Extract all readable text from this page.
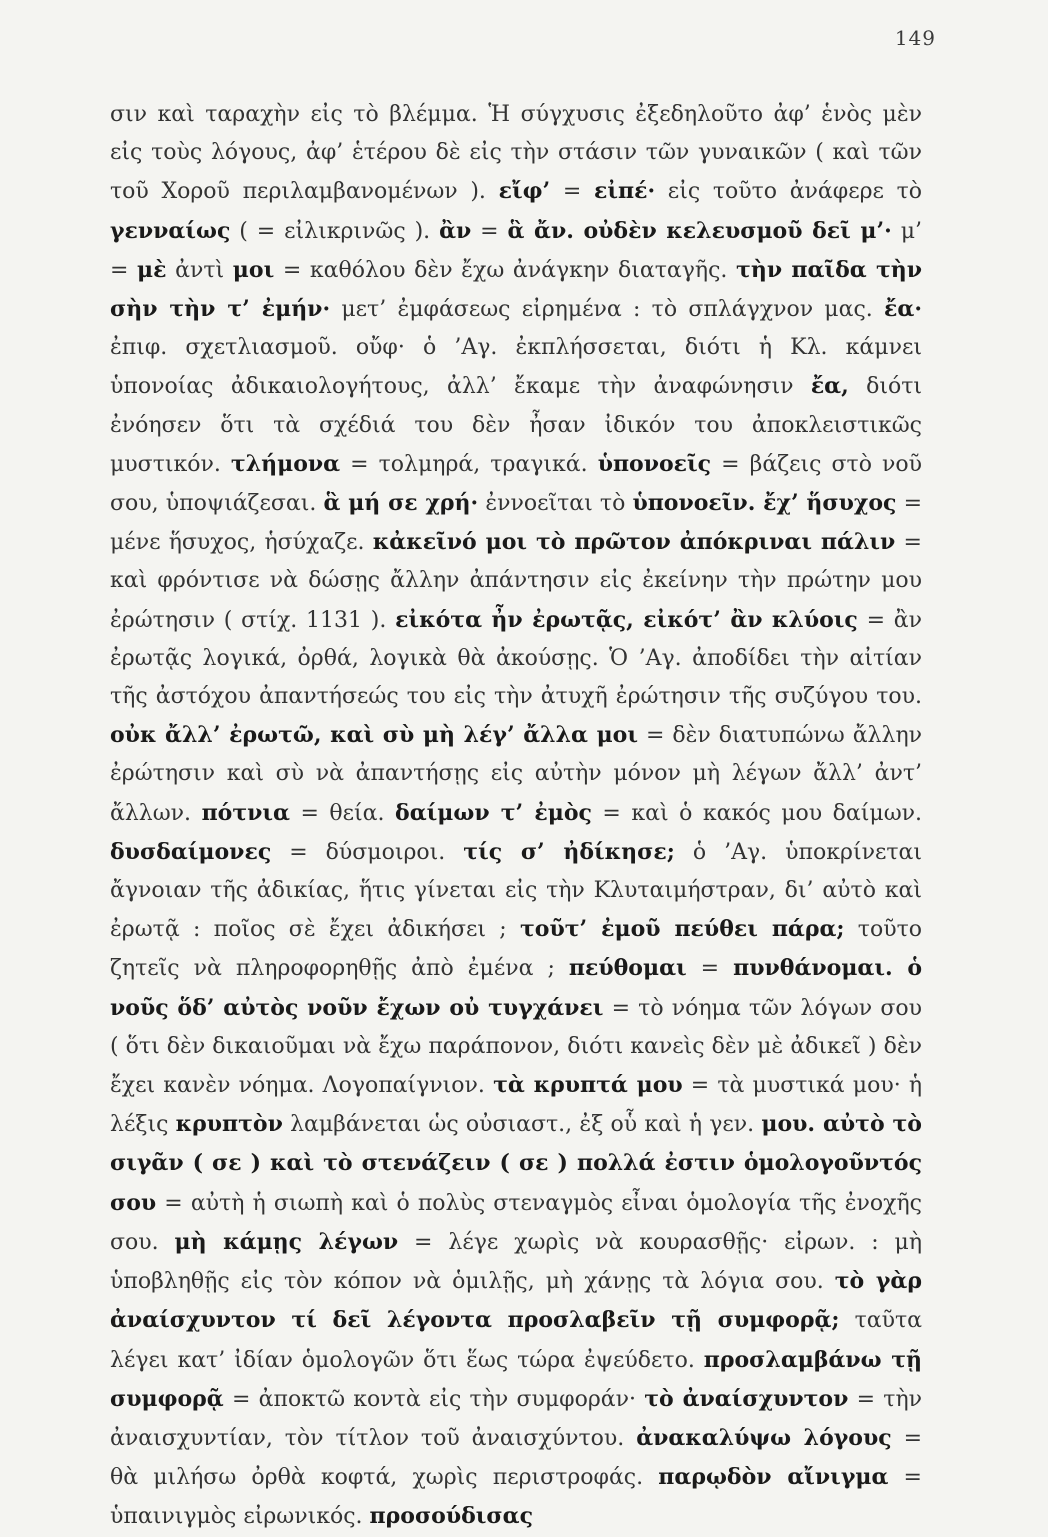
149

σιν καὶ ταραχὴν εἰς τὸ βλέμμα. Ἡ σύγχυσις ἐξεδηλοῦτο ἀφ’ ἑνὸς μὲν εἰς τοὺς λόγους, ἀφ’ ἑτέρου δὲ εἰς τὴν στάσιν τῶν γυναικῶν ( καὶ τῶν τοῦ Χοροῦ περιλαμβανομένων ). εἴφ’ = εἰπέ· εἰς τοῦτο ἀνάφερε τὸ γενναίως ( = εἰλικρινῶς ). ἂν = ἃ ἄν. οὐδὲν κελευσμοῦ δεῖ μ’· μ’ = μὲ ἀντὶ μοι = καθόλου δὲν ἔχω ἀνάγκην διαταγῆς. τὴν παῖδα τὴν σὴν τὴν τ’ ἐμήν· μετ’ ἐμφάσεως εἰρημένα : τὸ σπλάγχνον μας. ἔα· ἐπιφ. σχετλιασμοῦ. οὔφ· ὁ ’Αγ. ἐκπλήσσεται, διότι ἡ Κλ. κάμνει ὑπονοίας ἀδικαιολογήτους, ἀλλ’ ἔκαμε τὴν ἀναφώνησιν ἔα, διότι ἐνόησεν ὅτι τὰ σχέδιά του δὲν ἦσαν ἰδικόν του ἀποκλειστικῶς μυστικόν. τλήμονα = τολμηρά, τραγικά. ὑπονοεῖς = βάζεις στὸ νοῦ σου, ὑποψιάζεσαι. ἃ μή σε χρή· ἐννοεῖται τὸ ὑπονοεῖν. ἔχ’ ἥσυχος = μένε ἥσυχος, ἡσύχαζε. κἀκεῖνό μοι τὸ πρῶτον ἀπόκριναι πάλιν = καὶ φρόντισε νὰ δώσῃς ἄλλην ἀπάντησιν εἰς ἐκείνην τὴν πρώτην μου ἐρώτησιν ( στίχ. 1131 ). εἰκότα ἦν ἐρωτᾷς, εἰκότ’ ἂν κλύοις = ἂν ἐρωτᾷς λογικά, ὀρθά, λογικὰ θὰ ἀκούσῃς. Ὁ ’Αγ. ἀποδίδει τὴν αἰτίαν τῆς ἀστόχου ἀπαντήσεώς του εἰς τὴν ἀτυχῆ ἐρώτησιν τῆς συζύγου του. οὐκ ἄλλ’ ἐρωτῶ, καὶ σὺ μὴ λέγ’ ἄλλα μοι = δὲν διατυπώνω ἄλλην ἐρώτησιν καὶ σὺ νὰ ἀπαντήσῃς εἰς αὐτὴν μόνον μὴ λέγων ἄλλ’ ἀντ’ ἄλλων. πότνια = θεία. δαίμων τ’ ἐμὸς = καὶ ὁ κακός μου δαίμων. δυσδαίμονες = δύσμοιροι. τίς σ’ ἠδίκησε; ὁ ’Αγ. ὑποκρίνεται ἄγνοιαν τῆς ἀδικίας, ἥτις γίνεται εἰς τὴν Κλυταιμήστραν, δι’ αὐτὸ καὶ ἐρωτᾷ : ποῖος σὲ ἔχει ἀδικήσει ; τοῦτ’ ἐμοῦ πεύθει πάρα; τοῦτο ζητεῖς νὰ πληροφορηθῇς ἀπὸ ἐμένα ; πεύθομαι = πυνθάνομαι. ὁ νοῦς ὅδ’ αὐτὸς νοῦν ἔχων οὐ τυγχάνει = τὸ νόημα τῶν λόγων σου ( ὅτι δὲν δικαιοῦμαι νὰ ἔχω παράπονον, διότι κανεὶς δὲν μὲ ἀδικεῖ ) δὲν ἔχει κανὲν νόημα. Λογοπαίγνιον. τὰ κρυπτά μου = τὰ μυστικά μου· ἡ λέξις κρυπτὸν λαμβάνεται ὡς οὐσιαστ., ἐξ οὗ καὶ ἡ γεν. μου. αὐτὸ τὸ σιγᾶν ( σε ) καὶ τὸ στενάζειν ( σε ) πολλά ἐστιν ὁμολογοῦντός σου = αὐτὴ ἡ σιωπὴ καὶ ὁ πολὺς στεναγμὸς εἶναι ὁμολογία τῆς ἐνοχῆς σου. μὴ κάμῃς λέγων = λέγε χωρὶς νὰ κουρασθῇς· εἰρων. : μὴ ὑποβληθῇς εἰς τὸν κόπον νὰ ὁμιλῇς, μὴ χάνῃς τὰ λόγια σου. τὸ γὰρ ἀναίσχυντον τί δεῖ λέγοντα προσλαβεῖν τῇ συμφορᾷ; ταῦτα λέγει κατ’ ἰδίαν ὁμολογῶν ὅτι ἕως τώρα ἐψεύδετο. προσλαμβάνω τῇ συμφορᾷ = ἀποκτῶ κοντὰ εἰς τὴν συμφοράν· τὸ ἀναίσχυντον = τὴν ἀναισχυντίαν, τὸν τίτλον τοῦ ἀναισχύντου. ἀνακαλύψω λόγους = θὰ μιλήσω ὀρθὰ κοφτά, χωρὶς περιστροφάς. παρῳδὸν αἴνιγμα = ὑπαινιγμὸς εἰρωνικός. προσούδισας
